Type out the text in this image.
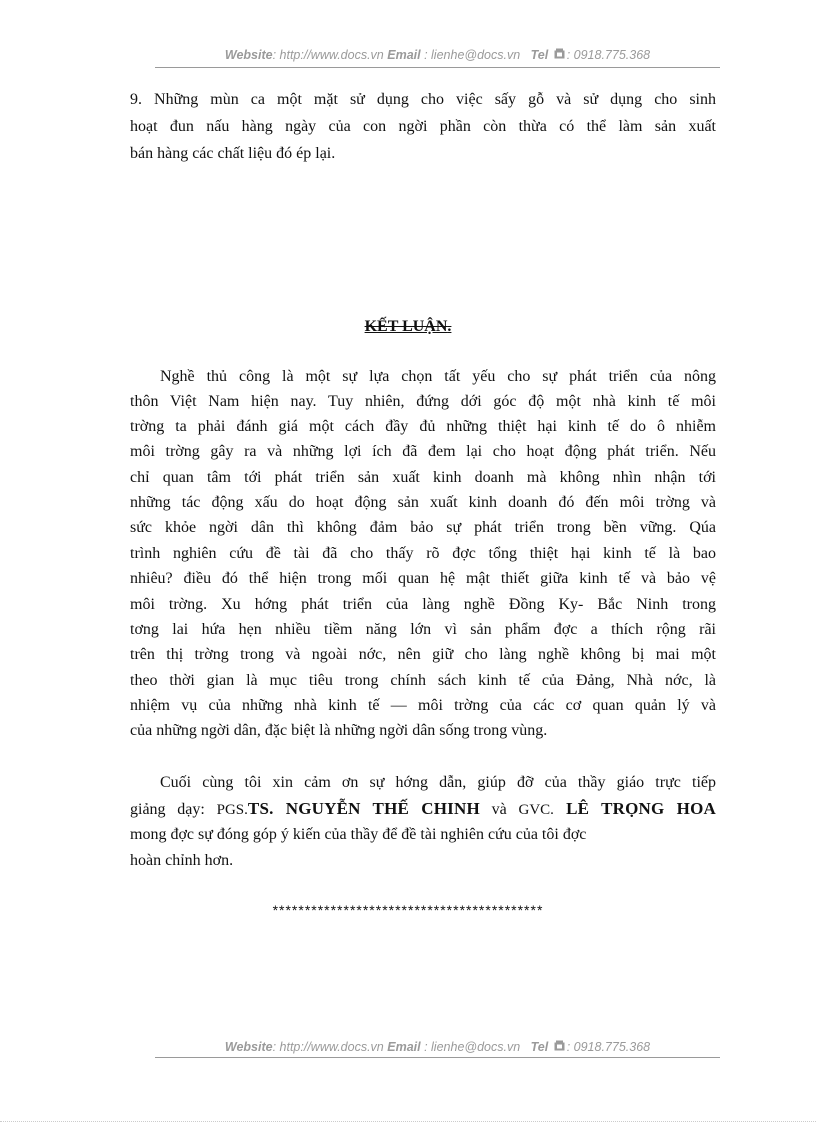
Website: http://www.docs.vn Email : lienhe@docs.vn Tel : 0918.775.368
9. Những mùn ca một mặt sử dụng cho việc sấy gỗ và sử dụng cho sinh
hoạt đun nấu hàng ngày của con ngời phần còn thừa có thể làm sản xuất
bán hàng các chất liệu đó ép lại.
KẾT LUẬN.
Nghề thủ công là một sự lựa chọn tất yếu cho sự phát triển của nông
thôn Việt Nam hiện nay. Tuy nhiên, đứng dới góc độ một nhà kinh tế môi
trờng ta phải đánh giá một cách đầy đủ những thiệt hại kinh tế do ô nhiễm
môi trờng gây ra và những lợi ích đã đem lại cho hoạt động phát triển. Nếu
chỉ quan tâm tới phát triển sản xuất kinh doanh mà không nhìn nhận tới
những tác động xấu do hoạt động sản xuất kinh doanh đó đến môi trờng và
sức khỏe ngời dân thì không đảm bảo sự phát triển trong bền vững. Qúa
trình nghiên cứu đề tài đã cho thấy rõ đợc tổng thiệt hại kinh tế là bao
nhiêu? điều đó thể hiện trong mối quan hệ mật thiết giữa kinh tế và bảo vệ
môi trờng. Xu hớng phát triển của làng nghề Đồng Ky- Bắc Ninh trong
tơng lai hứa hẹn nhiều tiềm năng lớn vì sản phẩm đợc a thích rộng rãi
trên thị trờng trong và ngoài nớc, nên giữ cho làng nghề không bị mai một
theo thời gian là mục tiêu trong chính sách kinh tế của Đảng, Nhà nớc, là
nhiệm vụ của những nhà kinh tế — môi trờng của các cơ quan quản lý và
của những ngời dân, đặc biệt là những ngời dân sống trong vùng.
Cuối cùng tôi xin cảm ơn sự hớng dẫn, giúp đỡ của thầy giáo trực tiếp
giảng dạy: PGS.TS. NGUYỄN THẾ CHINH và GVC. LÊ TRỌNG HOA
mong đợc sự đóng góp ý kiến của thầy để đề tài nghiên cứu của tôi đợc
hoàn chỉnh hơn.
******************************************
Website: http://www.docs.vn Email : lienhe@docs.vn Tel : 0918.775.368
